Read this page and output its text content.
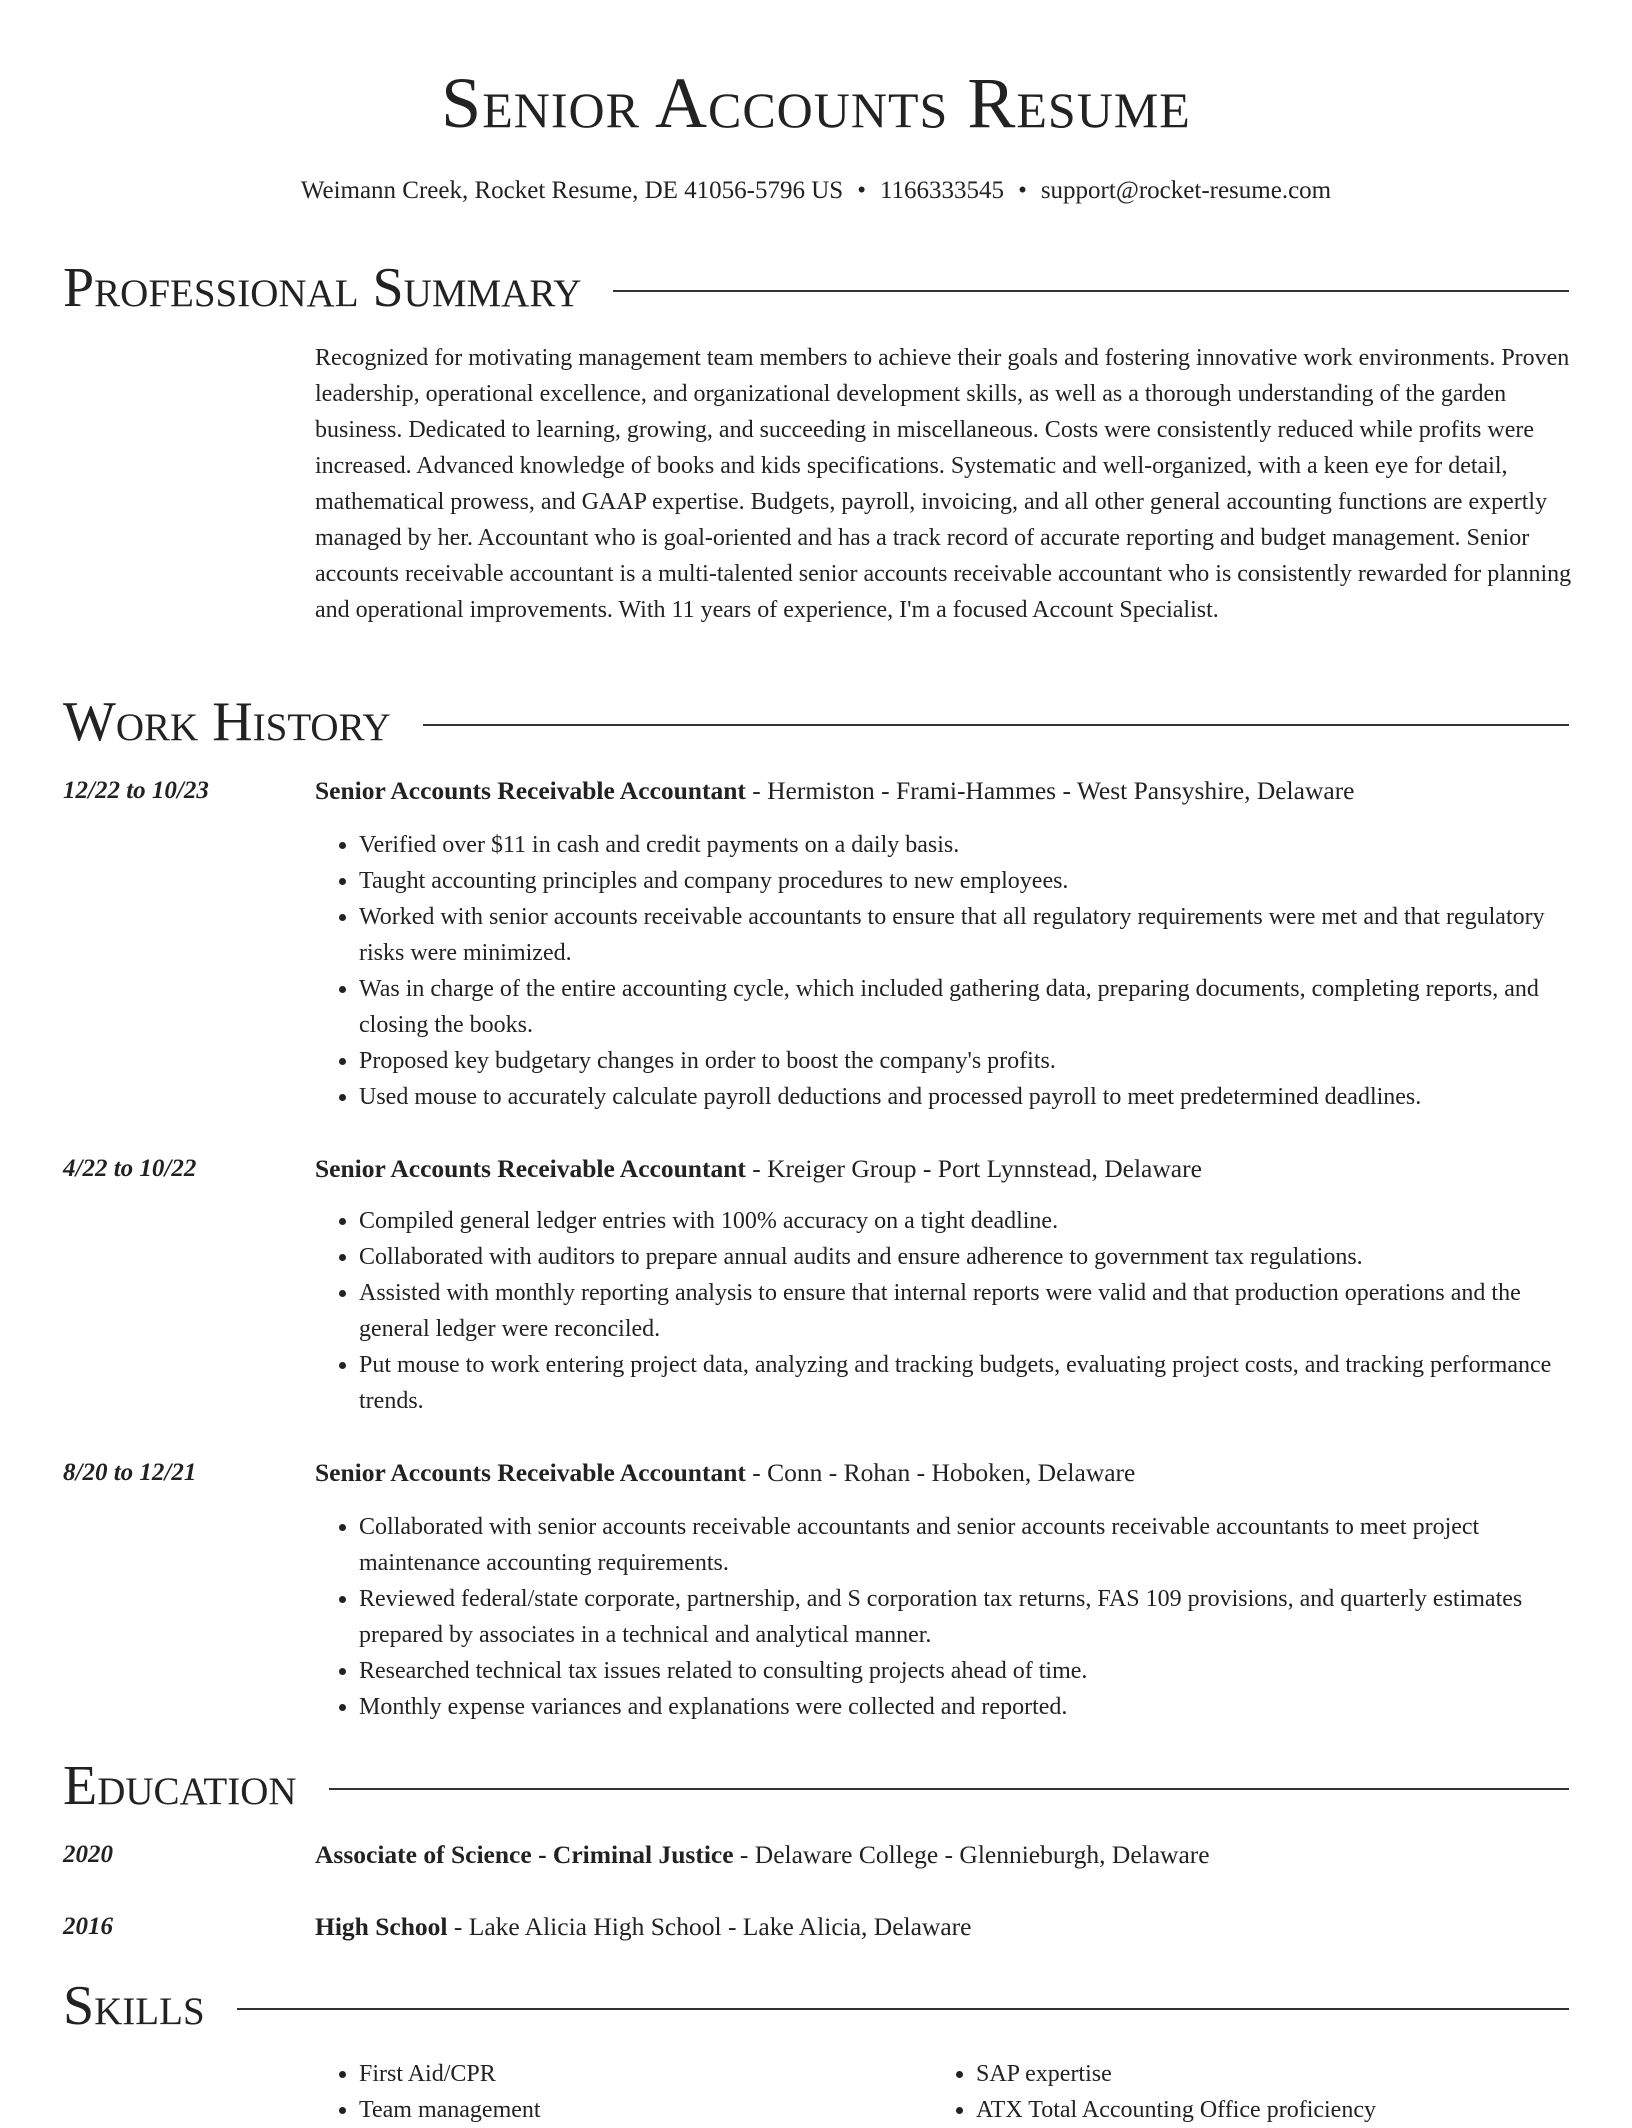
Senior Accounts Resume
Weimann Creek, Rocket Resume, DE 41056-5796 US • 1166333545 • support@rocket-resume.com
Professional Summary

Recognized for motivating management team members to achieve their goals and fostering innovative work environments. Proven leadership, operational excellence, and organizational development skills, as well as a thorough understanding of the garden business. Dedicated to learning, growing, and succeeding in miscellaneous. Costs were consistently reduced while profits were increased. Advanced knowledge of books and kids specifications. Systematic and well-organized, with a keen eye for detail, mathematical prowess, and GAAP expertise. Budgets, payroll, invoicing, and all other general accounting functions are expertly managed by her. Accountant who is goal-oriented and has a track record of accurate reporting and budget management. Senior accounts receivable accountant is a multi-talented senior accounts receivable accountant who is consistently rewarded for planning and operational improvements. With 11 years of experience, I'm a focused Account Specialist.

Work History
12/22 to 10/23	Senior Accounts Receivable Accountant - Hermiston - Frami-Hammes - West Pansyshire, Delaware
• Verified over $11 in cash and credit payments on a daily basis.
• Taught accounting principles and company procedures to new employees.
• Worked with senior accounts receivable accountants to ensure that all regulatory requirements were met and that regulatory risks were minimized.
• Was in charge of the entire accounting cycle, which included gathering data, preparing documents, completing reports, and closing the books.
• Proposed key budgetary changes in order to boost the company's profits.
• Used mouse to accurately calculate payroll deductions and processed payroll to meet predetermined deadlines.
4/22 to 10/22	Senior Accounts Receivable Accountant - Kreiger Group - Port Lynnstead, Delaware
• Compiled general ledger entries with 100% accuracy on a tight deadline.
• Collaborated with auditors to prepare annual audits and ensure adherence to government tax regulations.
• Assisted with monthly reporting analysis to ensure that internal reports were valid and that production operations and the general ledger were reconciled.
• Put mouse to work entering project data, analyzing and tracking budgets, evaluating project costs, and tracking performance trends.
8/20 to 12/21	Senior Accounts Receivable Accountant - Conn - Rohan - Hoboken, Delaware
• Collaborated with senior accounts receivable accountants and senior accounts receivable accountants to meet project maintenance accounting requirements.
• Reviewed federal/state corporate, partnership, and S corporation tax returns, FAS 109 provisions, and quarterly estimates prepared by associates in a technical and analytical manner.
• Researched technical tax issues related to consulting projects ahead of time.
• Monthly expense variances and explanations were collected and reported.
Education
2020	Associate of Science - Criminal Justice - Delaware College - Glennieburgh, Delaware
2016	High School - Lake Alicia High School - Lake Alicia, Delaware
Skills
• First Aid/CPR
• Team management
• SAP expertise
• ATX Total Accounting Office proficiency
